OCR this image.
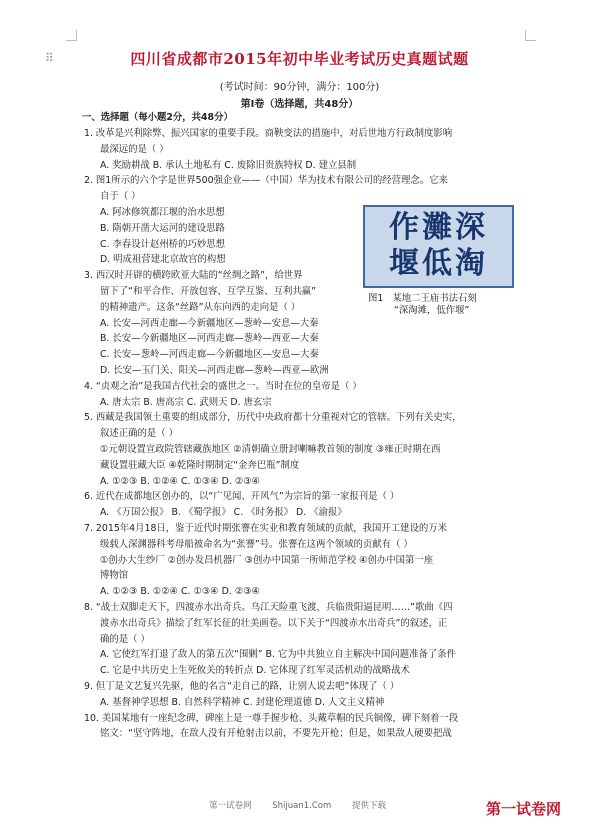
⠿	四川省成都市2015年初中毕业考试历史真题试题
(考试时间：90分钟，满分：100分)
第Ⅰ卷（选择题，共48分）
一、选择题（每小题2分，共48分）
1. 改革是兴利除弊、振兴国家的重要手段。商鞅变法的措施中，对后世地方行政制度影响
最深远的是（ ）
A. 奖励耕战 B. 承认土地私有 C. 废除旧贵族特权 D. 建立县制
2. 图1所示的六个字是世界500强企业——（中国）华为技术有限公司的经营理念。它来
自于（ ）
A. 阿冰修筑都江堰的治水思想
B. 隋朝开凿大运河的建设思路
C. 李春设计赵州桥的巧妙思想
D. 明成祖营建北京故宫的构想
3. 西汉时开辟的横跨欧亚大陆的“丝绸之路”，给世界
留下了“和平合作、开放包容、互学互鉴、互利共赢”
的精神遗产。这条“丝路”从东向西的走向是（ ）
A. 长安—河西走廊—今新疆地区—葱岭—安息—大秦
B. 长安—今新疆地区—河西走廊—葱岭—西亚—大秦
C. 长安—葱岭—河西走廊—今新疆地区—安息—大秦
D. 长安—玉门关、阳关—河西走廊—葱岭—西亚—欧洲
4. “贞观之治”是我国古代社会的盛世之一。当时在位的皇帝是（ ）
A. 唐太宗 B. 唐高宗 C. 武则天 D. 唐玄宗
5. 西藏是我国领土重要的组成部分，历代中央政府都十分重视对它的管辖。下列有关史实，
叙述正确的是（ ）
①元朝设置宣政院管辖藏族地区 ②清朝确立册封喇嘛教首领的制度 ③雍正时期在西
藏设置驻藏大臣 ④乾隆时期制定“金奔巴瓶”制度
A. ①②③ B. ①②④ C. ①③④ D. ②③④
6. 近代在成都地区创办的，以“广见闻、开风气”为宗旨的第一家报刊是（ ）
A. 《万国公报》 B. 《蜀学报》 C. 《时务报》 D. 《渝报》
7. 2015年4月18日，鉴于近代时期张謇在实业和教育领域的贡献，我国开工建设的万米
级载人深渊器科考母船被命名为“张謇”号。张謇在这两个领域的贡献有（ ）
①创办大生纱厂 ②创办发昌机器厂 ③创办中国第一所师范学校 ④创办中国第一座
博物馆
A. ①②③ B. ①②④ C. ①③④ D. ②③④
8. “战士双脚走天下，四渡赤水出奇兵。乌江天险重飞渡，兵临贵阳逼昆明……”歌曲《四
渡赤水出奇兵》描绘了红军长征的壮美画卷。以下关于“四渡赤水出奇兵”的叙述，正
确的是（ ）
A. 它使红军打退了敌人的第五次“围剿” B. 它为中共独立自主解决中国问题准备了条件
C. 它是中共历史上生死攸关的转折点 D. 它体现了红军灵活机动的战略战术
9. 但丁是文艺复兴先驱，他的名言“走自己的路，让别人说去吧”体现了（ ）
A. 基督神学思想 B. 自然科学精神 C. 封建伦理道德 D. 人文主义精神
10. 美国某地有一座纪念碑，碑座上是一尊手握步枪、头戴草帽的民兵铜像，碑下刻着一段
铭文：“坚守阵地，在敌人没有开枪射击以前，不要先开枪；但是，如果敌人硬要把战
作灘深
堰低淘
图1 某地二王庙书法石刻
“深淘滩，低作堰”
第一试卷网 Shijuan1.Com 提供下载	第一试卷网
